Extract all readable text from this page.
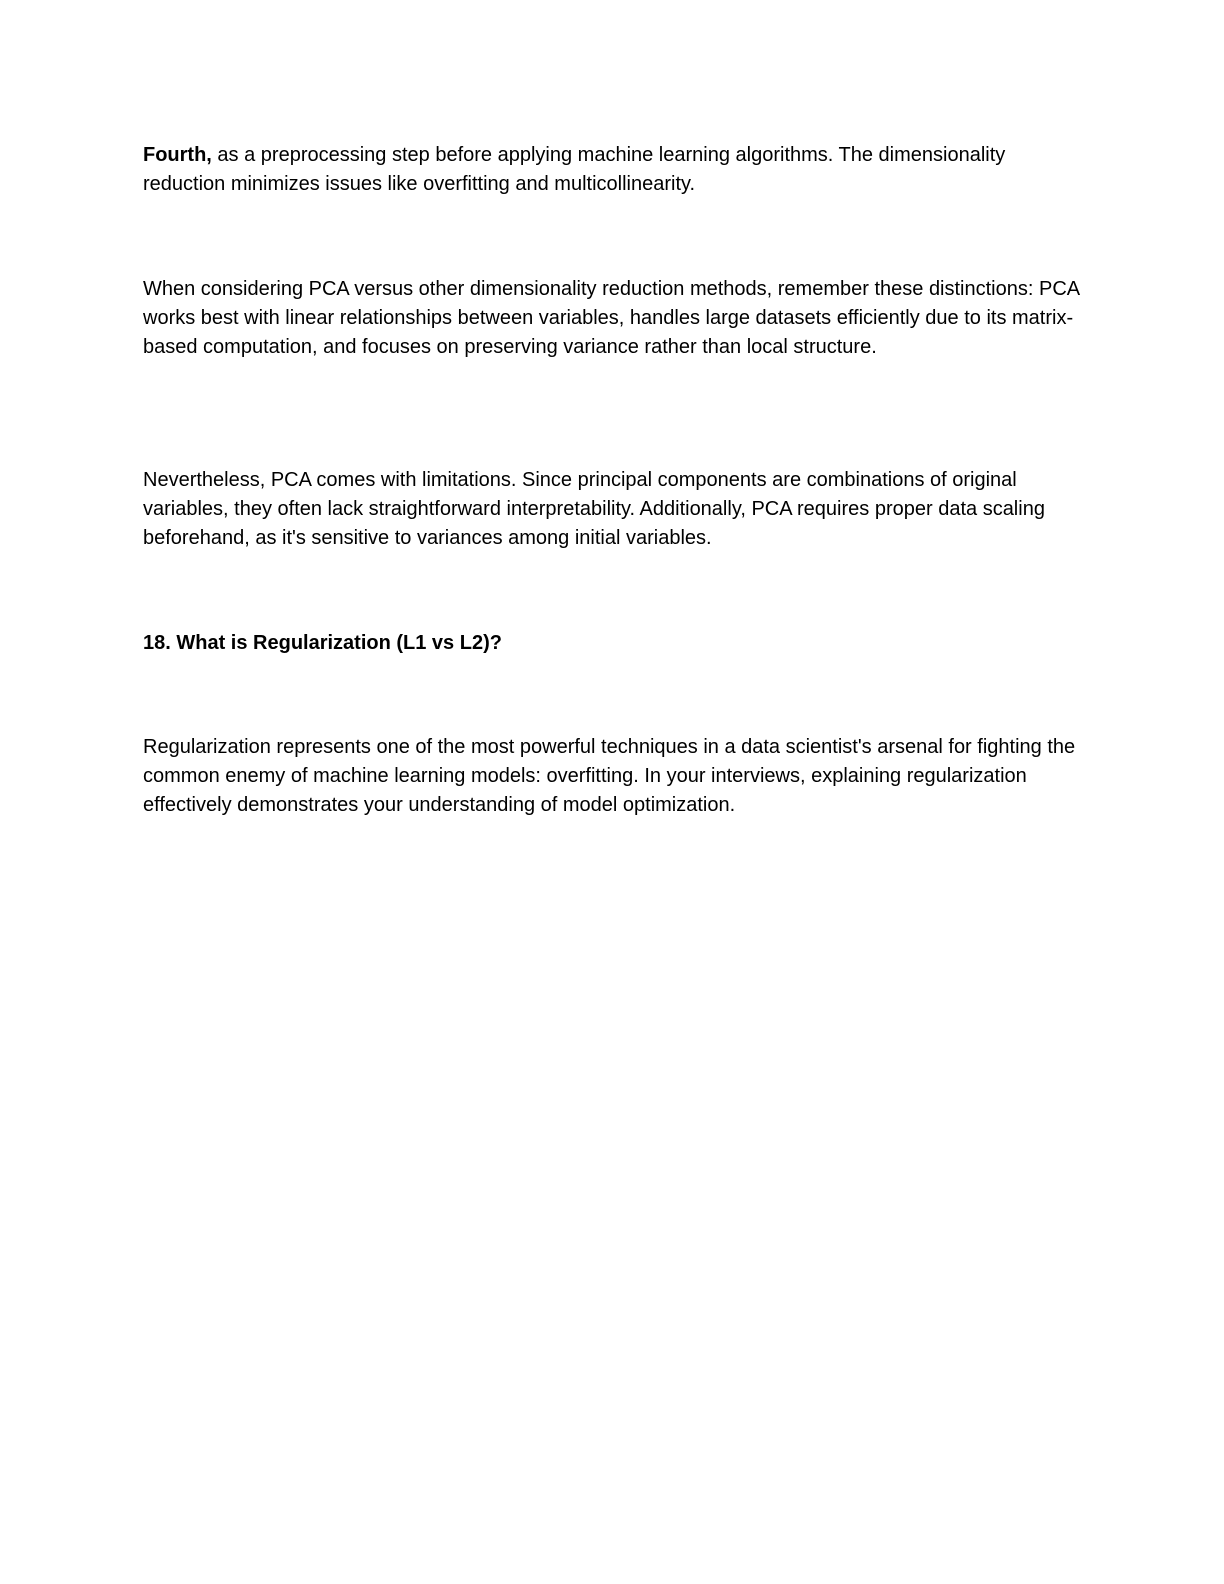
Fourth, as a preprocessing step before applying machine learning algorithms. The dimensionality reduction minimizes issues like overfitting and multicollinearity.

When considering PCA versus other dimensionality reduction methods, remember these distinctions: PCA works best with linear relationships between variables, handles large datasets efficiently due to its matrix-based computation, and focuses on preserving variance rather than local structure.

Nevertheless, PCA comes with limitations. Since principal components are combinations of original variables, they often lack straightforward interpretability. Additionally, PCA requires proper data scaling beforehand, as it's sensitive to variances among initial variables.

18. What is Regularization (L1 vs L2)?

Regularization represents one of the most powerful techniques in a data scientist's arsenal for fighting the common enemy of machine learning models: overfitting. In your interviews, explaining regularization effectively demonstrates your understanding of model optimization.
